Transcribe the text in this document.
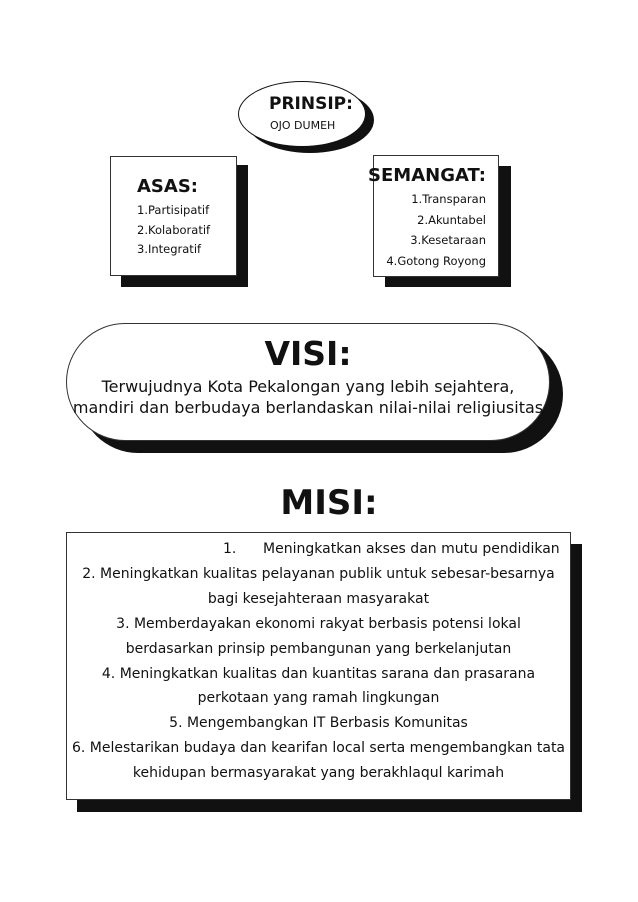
PRINSIP:
OJO DUMEH
ASAS:
1.Partisipatif
2.Kolaboratif
3.Integratif
SEMANGAT:
1.Transparan
2.Akuntabel
3.Kesetaraan
4.Gotong Royong
VISI:
Terwujudnya Kota Pekalongan yang lebih sejahtera,
mandiri dan berbudaya berlandaskan nilai-nilai religiusitas
MISI:
1.      Meningkatkan akses dan mutu pendidikan
2. Meningkatkan kualitas pelayanan publik untuk sebesar-besarnya
bagi kesejahteraan masyarakat
3. Memberdayakan ekonomi rakyat berbasis potensi lokal
berdasarkan prinsip pembangunan yang berkelanjutan
4. Meningkatkan kualitas dan kuantitas sarana dan prasarana
perkotaan yang ramah lingkungan
5. Mengembangkan IT Berbasis Komunitas
6. Melestarikan budaya dan kearifan local serta mengembangkan tata
kehidupan bermasyarakat yang berakhlaqul karimah
